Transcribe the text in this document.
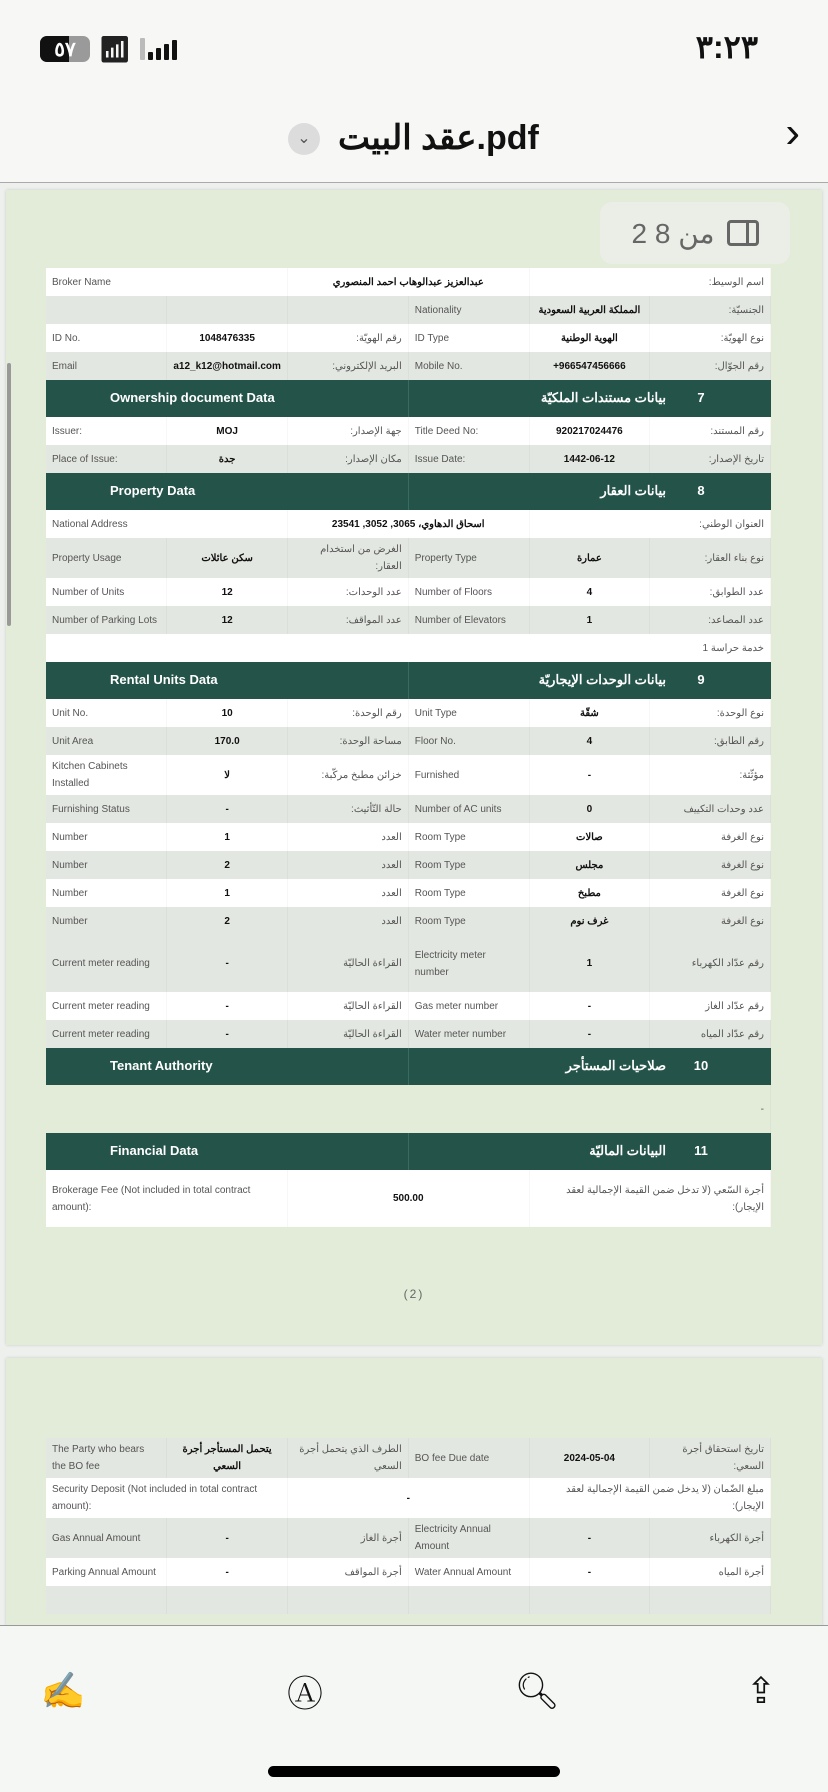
٥٧ 📶︎	٣:٢٣
⌄ عقد البيت.pdf	›
(2)
Broker Name		عبدالعزيز عبدالوهاب احمد المنصوري		اسم الوسيط:	
			Nationality	المملكة العربية السعودية	الجنسيّة:
ID No.	1048476335	رقم الهويّة:	ID Type	الهوية الوطنية	نوع الهويّة:
Email	a12_k12@hotmail.com	البريد الإلكتروني:	Mobile No.	+966547456666	رقم الجوّال:
Ownership document Data			7بيانات مستندات الملكيّة		
Issuer:	MOJ	جهة الإصدار:	Title Deed No:	920217024476	رقم المستند:
Place of Issue:	جدة	مكان الإصدار:	Issue Date:	1442-06-12	تاريخ الإصدار:
Property Data			8بيانات العقار		
National Address		اسحاق الدهاوي، 3065, 3052, 23541		العنوان الوطني:	
Property Usage	سكن عائلات	الغرض من استخدام العقار:	Property Type	عمارة	نوع بناء العقار:
Number of Units	12	عدد الوحدات:	Number of Floors	4	عدد الطوابق:
Number of Parking Lots	12	عدد المواقف:	Number of Elevators	1	عدد المصاعد:
خدمة حراسة 1					
Rental Units Data			9بيانات الوحدات الإيجاريّة		
Unit No.	10	رقم الوحدة:	Unit Type	شقّة	نوع الوحدة:
Unit Area	170.0	مساحة الوحدة:	Floor No.	4	رقم الطابق:
Kitchen Cabinets Installed	لا	خزائن مطبخ مركّبة:	Furnished	-	مؤثّثة:
Furnishing Status	-	حالة التّأثيث:	Number of AC units	0	عدد وحدات التكييف
Number	1	العدد	Room Type	صالات	نوع الغرفة
Number	2	العدد	Room Type	مجلس	نوع الغرفة
Number	1	العدد	Room Type	مطبخ	نوع الغرفة
Number	2	العدد	Room Type	غرف نوم	نوع الغرفة
Current meter reading	-	القراءة الحاليّة	Electricity meter number	1	رقم عدّاد الكهرباء
Current meter reading	-	القراءة الحاليّة	Gas meter number	-	رقم عدّاد الغاز
Current meter reading	-	القراءة الحاليّة	Water meter number	-	رقم عدّاد المياه
Tenant Authority			10صلاحيات المستأجر		
-					
Financial Data			11البيانات الماليّة		
Brokerage Fee (Not included in total contract amount):		500.00		أجرة السّعي (لا تدخل ضمن القيمة الإجمالية لعقد الإيجار):	
The Party who bears the BO fee	يتحمل المستأجر أجرة السعي	الطرف الذي يتحمل أجرة السعي	BO fee Due date	2024-05-04	تاريخ استحقاق أجرة السعي:
Security Deposit (Not included in total contract amount):		-		مبلغ الضّمان (لا يدخل ضمن القيمة الإجمالية لعقد الإيجار):	
Gas Annual Amount	-	أجرة الغاز	Electricity Annual Amount	-	أجرة الكهرباء
Parking Annual Amount	-	أجرة المواقف	Water Annual Amount	-	أجرة المياه

2 من 8
✍	Ⓐ	🔍︎	⇪
